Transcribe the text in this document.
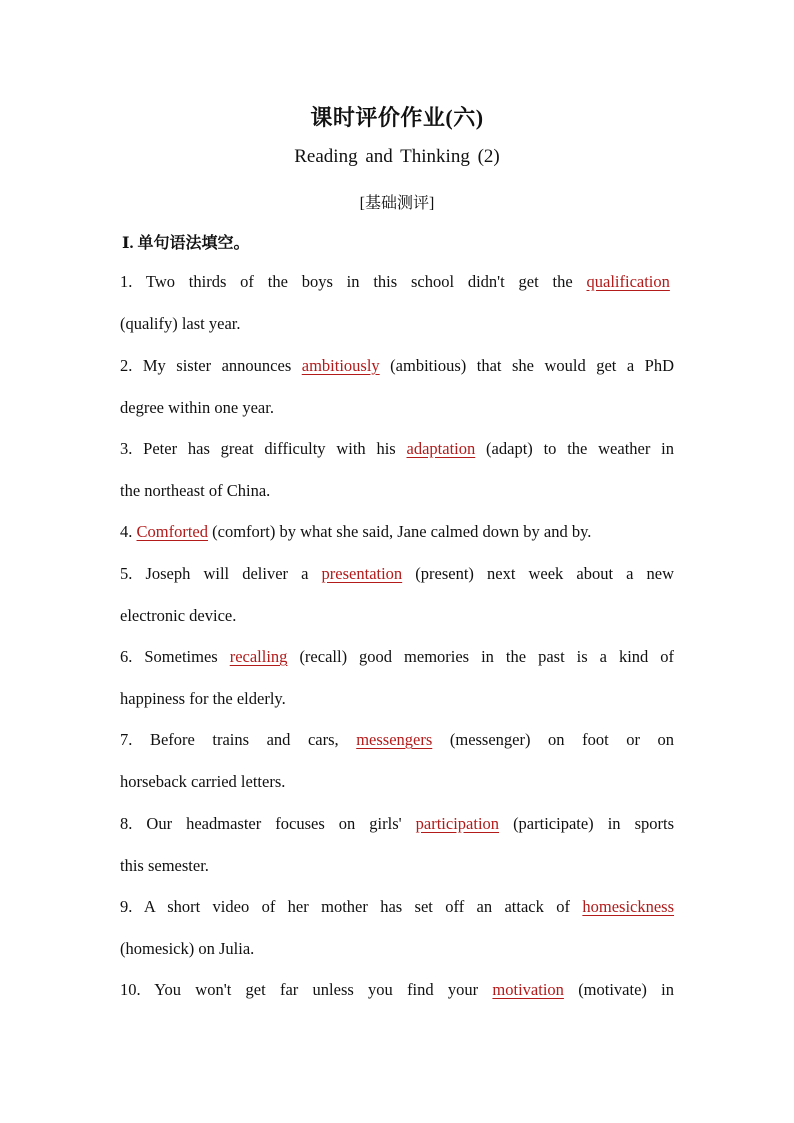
课时评价作业(六)
Reading and Thinking (2)
[基础测评]
Ⅰ. 单句语法填空。
1. Two thirds of the boys in this school didn't get the qualification
(qualify) last year.
2. My sister announces ambitiously (ambitious) that she would get a PhD
degree within one year.
3. Peter has great difficulty with his adaptation (adapt) to the weather in
the northeast of China.
4. Comforted (comfort) by what she said, Jane calmed down by and by.
5. Joseph will deliver a presentation (present) next week about a new
electronic device.
6. Sometimes recalling (recall) good memories in the past is a kind of
happiness for the elderly.
7. Before trains and cars, messengers (messenger) on foot or on
horseback carried letters.
8. Our headmaster focuses on girls' participation (participate) in sports
this semester.
9. A short video of her mother has set off an attack of homesickness
(homesick) on Julia.
10. You won't get far unless you find your motivation (motivate) in
